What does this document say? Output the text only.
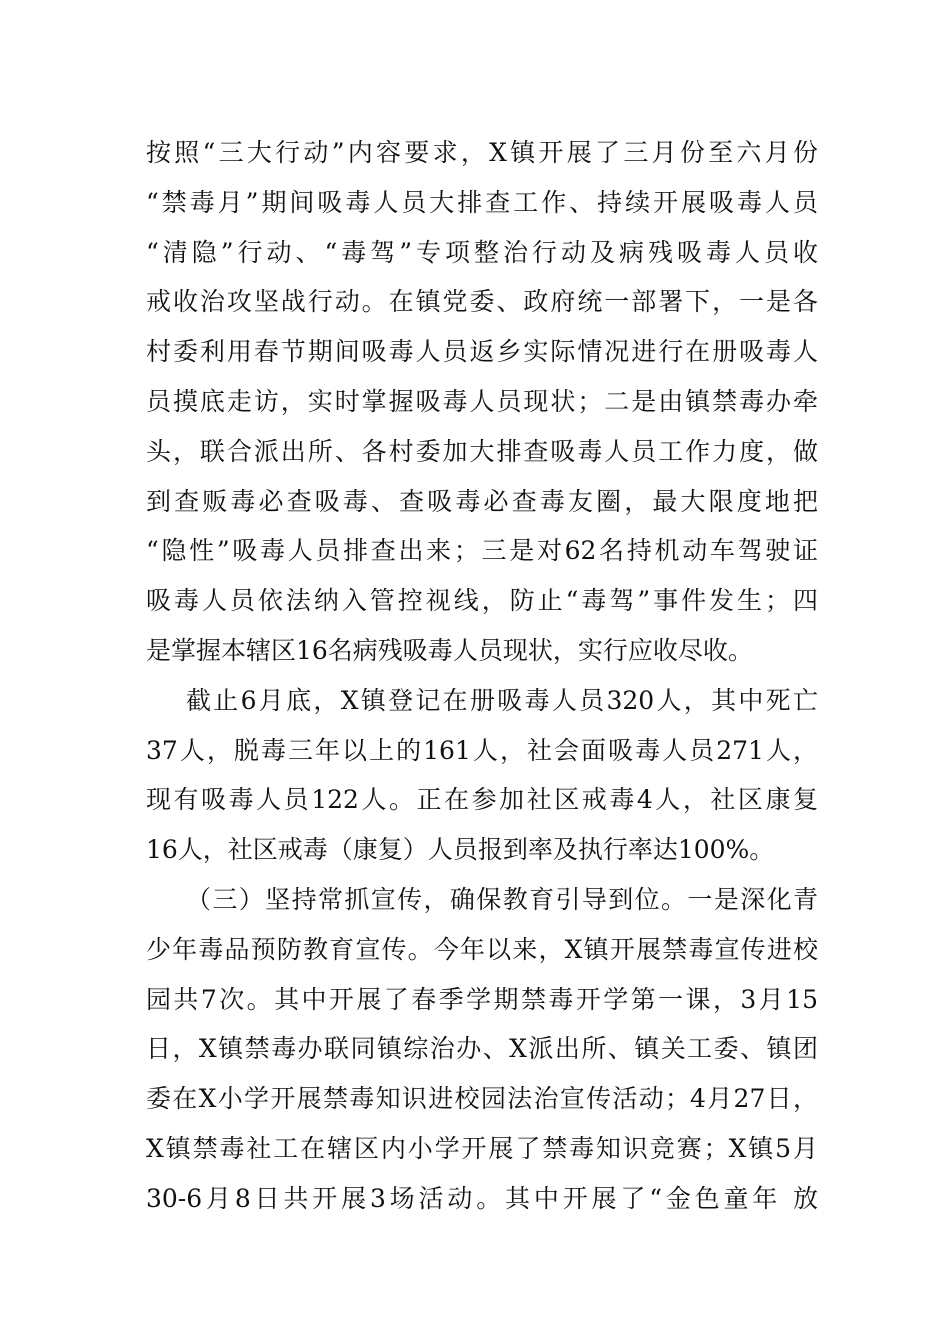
按照“三大行动”内容要求，X镇开展了三月份至六月份
“禁毒月”期间吸毒人员大排查工作、持续开展吸毒人员
“清隐”行动、“毒驾”专项整治行动及病残吸毒人员收
戒收治攻坚战行动。在镇党委、政府统一部署下，一是各
村委利用春节期间吸毒人员返乡实际情况进行在册吸毒人
员摸底走访，实时掌握吸毒人员现状；二是由镇禁毒办牵
头，联合派出所、各村委加大排查吸毒人员工作力度，做
到查贩毒必查吸毒、查吸毒必查毒友圈，最大限度地把
“隐性”吸毒人员排查出来；三是对62名持机动车驾驶证
吸毒人员依法纳入管控视线，防止“毒驾”事件发生；四
是掌握本辖区16名病残吸毒人员现状，实行应收尽收。
截止6月底，X镇登记在册吸毒人员320人，其中死亡
37人，脱毒三年以上的161人，社会面吸毒人员271人，
现有吸毒人员122人。正在参加社区戒毒4人，社区康复
16人，社区戒毒（康复）人员报到率及执行率达100%。
（三）坚持常抓宣传，确保教育引导到位。一是深化青
少年毒品预防教育宣传。今年以来，X镇开展禁毒宣传进校
园共7次。其中开展了春季学期禁毒开学第一课，3月15
日，X镇禁毒办联同镇综治办、X派出所、镇关工委、镇团
委在X小学开展禁毒知识进校园法治宣传活动；4月27日，
X镇禁毒社工在辖区内小学开展了禁毒知识竞赛；X镇5月
30-6月8日共开展3场活动。其中开展了“金色童年 放
